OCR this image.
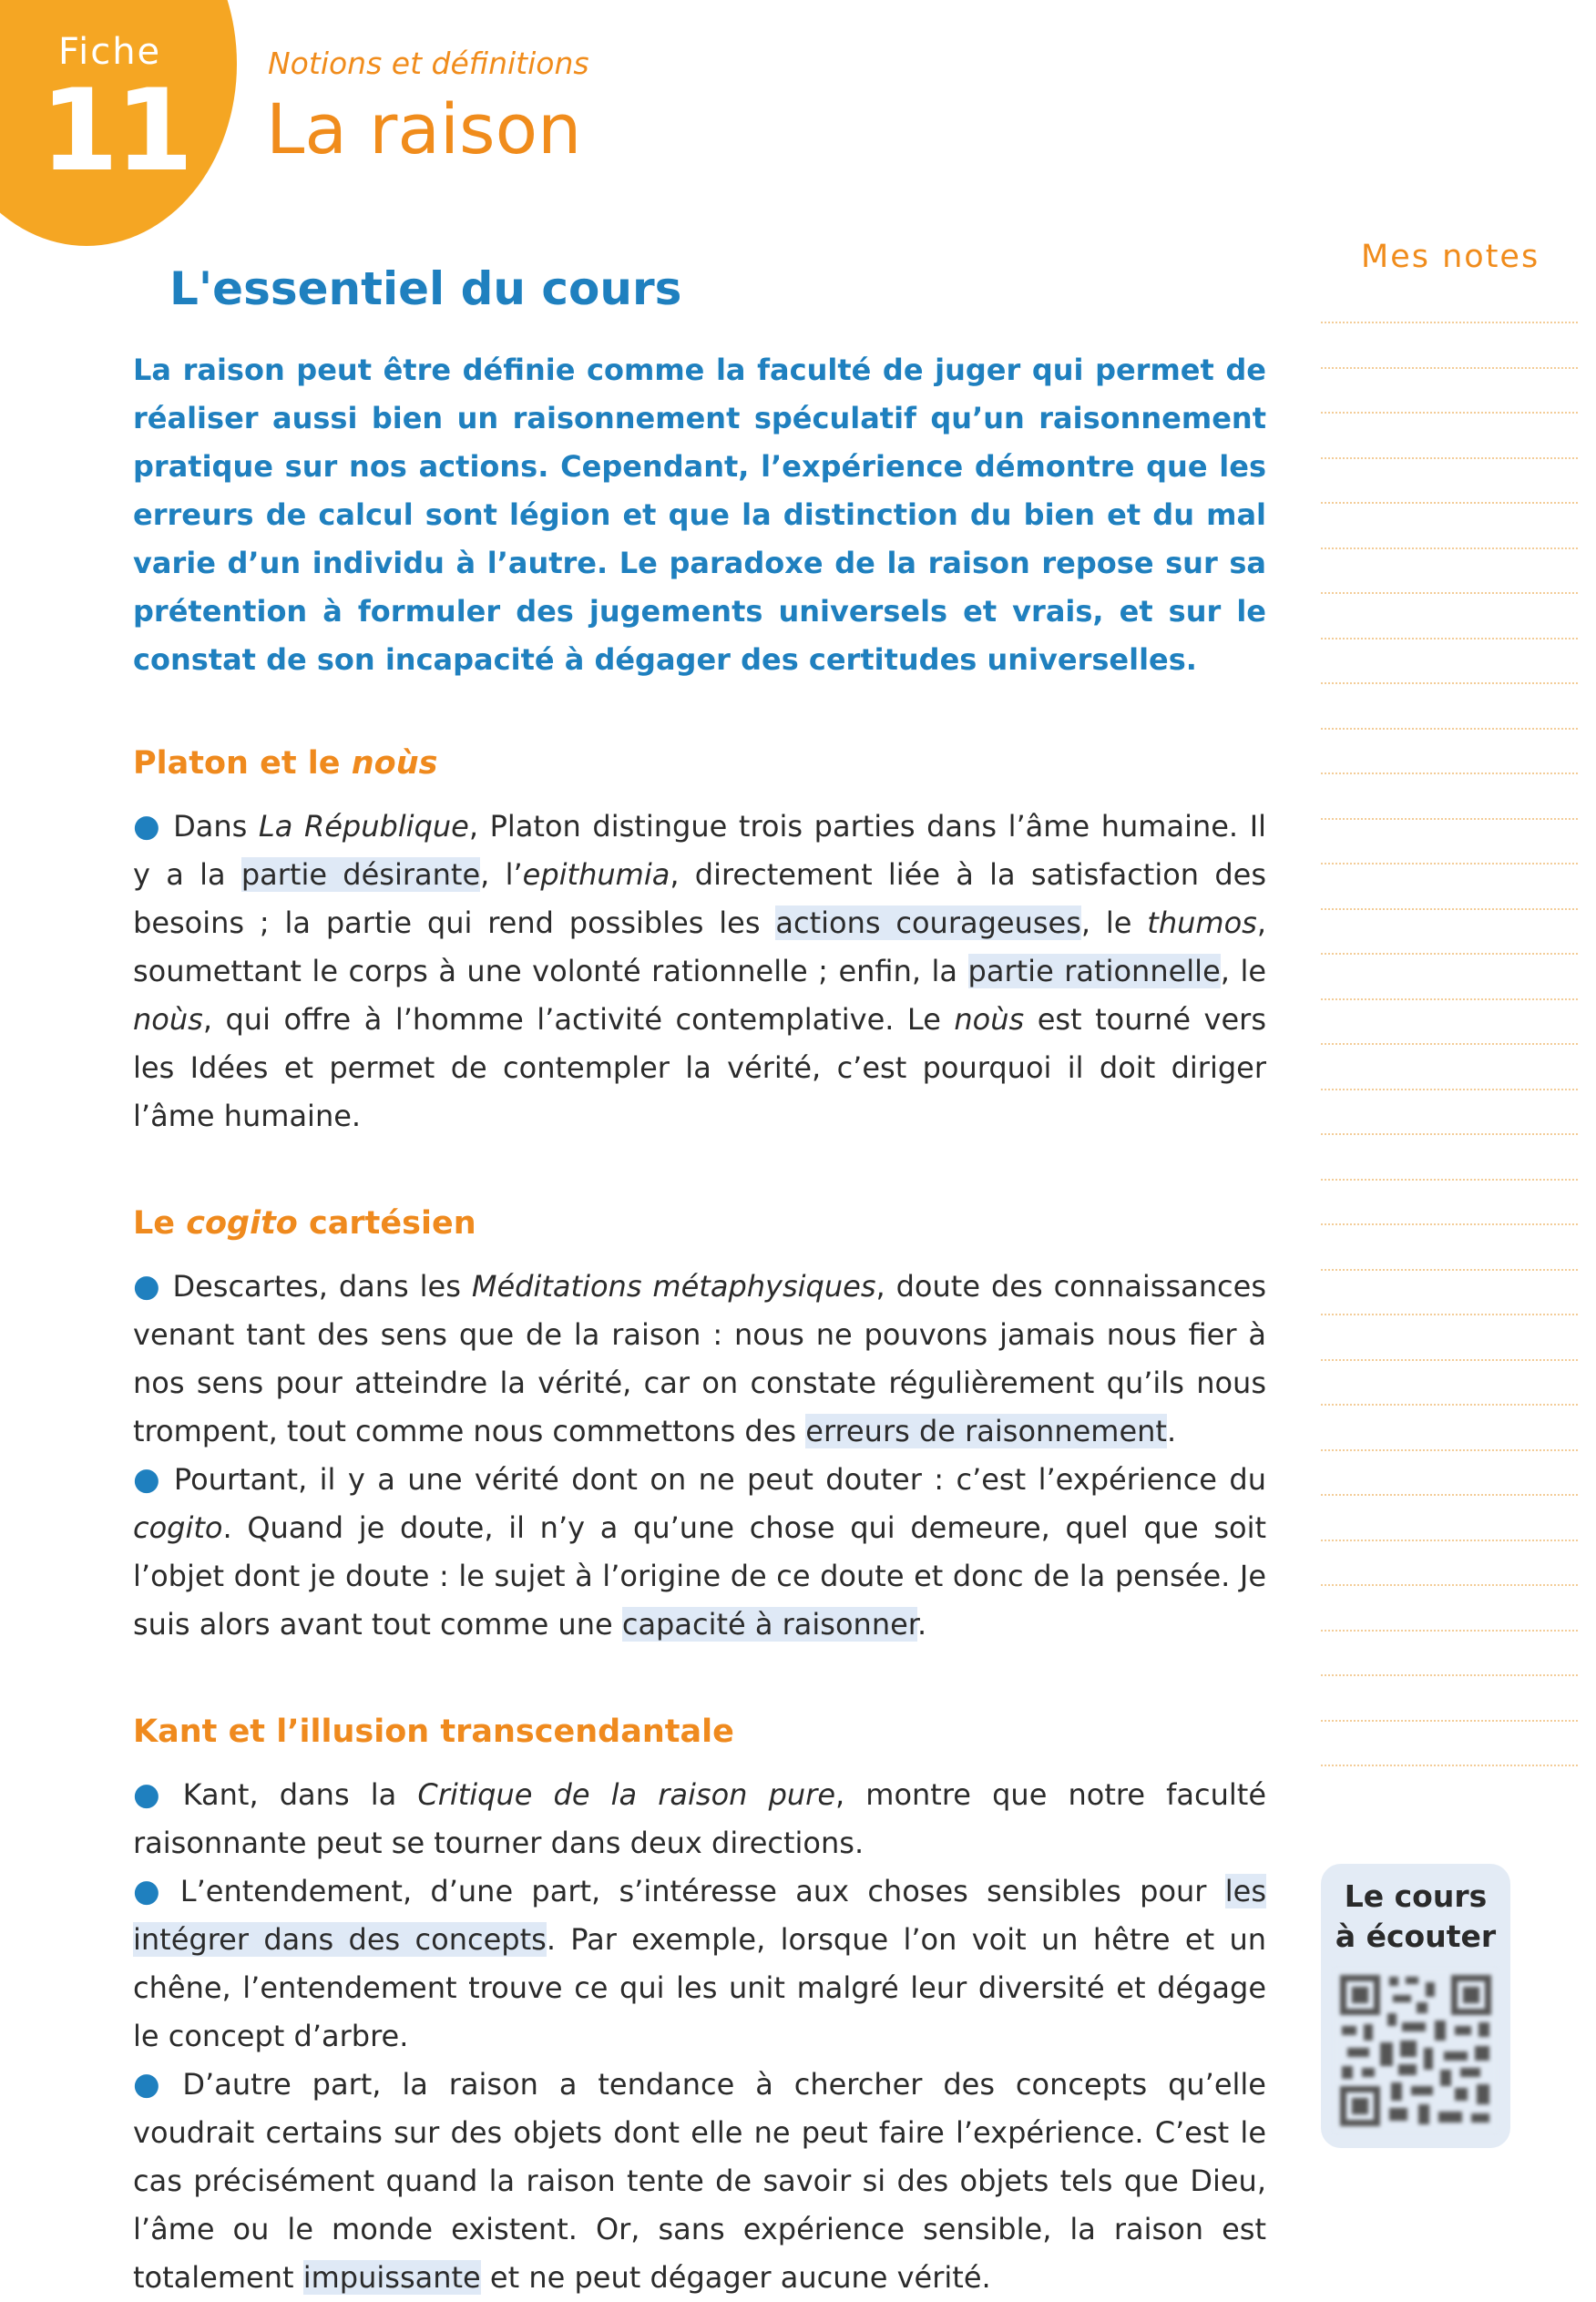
Fiche
11
Notions et définitions
La raison
L'essentiel du cours

La raison peut être définie comme la faculté de juger qui permet de réaliser aussi bien un raisonnement spéculatif qu’un raisonnement pratique sur nos actions. Cependant, l’expérience démontre que les erreurs de calcul sont légion et que la distinction du bien et du mal varie d’un individu à l’autre. Le paradoxe de la raison repose sur sa prétention à formuler des jugements universels et vrais, et sur le constat de son incapacité à dégager des certitudes universelles.

Platon et le noùs

● Dans La République, Platon distingue trois parties dans l’âme humaine. Il y a la partie désirante, l’epithumia, directement liée à la satisfaction des besoins ; la partie qui rend possibles les actions courageuses, le thumos, soumettant le corps à une volonté rationnelle ; enfin, la partie rationnelle, le noùs, qui offre à l’homme l’activité contemplative. Le noùs est tourné vers les Idées et permet de contempler la vérité, c’est pourquoi il doit diriger l’âme humaine.

Le cogito cartésien

● Descartes, dans les Méditations métaphysiques, doute des connaissances venant tant des sens que de la raison : nous ne pouvons jamais nous fier à nos sens pour atteindre la vérité, car on constate régulièrement qu’ils nous trompent, tout comme nous commettons des erreurs de raisonnement.

● Pourtant, il y a une vérité dont on ne peut douter : c’est l’expérience du cogito. Quand je doute, il n’y a qu’une chose qui demeure, quel que soit l’objet dont je doute : le sujet à l’origine de ce doute et donc de la pensée. Je suis alors avant tout comme une capacité à raisonner.

Kant et l’illusion transcendantale

● Kant, dans la Critique de la raison pure, montre que notre faculté raisonnante peut se tourner dans deux directions.

● L’entendement, d’une part, s’intéresse aux choses sensibles pour les intégrer dans des concepts. Par exemple, lorsque l’on voit un hêtre et un chêne, l’entendement trouve ce qui les unit malgré leur diversité et dégage le concept d’arbre.

● D’autre part, la raison a tendance à chercher des concepts qu’elle voudrait certains sur des objets dont elle ne peut faire l’expérience. C’est le cas précisément quand la raison tente de savoir si des objets tels que Dieu, l’âme ou le monde existent. Or, sans expérience sensible, la raison est totalement impuissante et ne peut dégager aucune vérité.

Mes notes
Le cours
à écouter
